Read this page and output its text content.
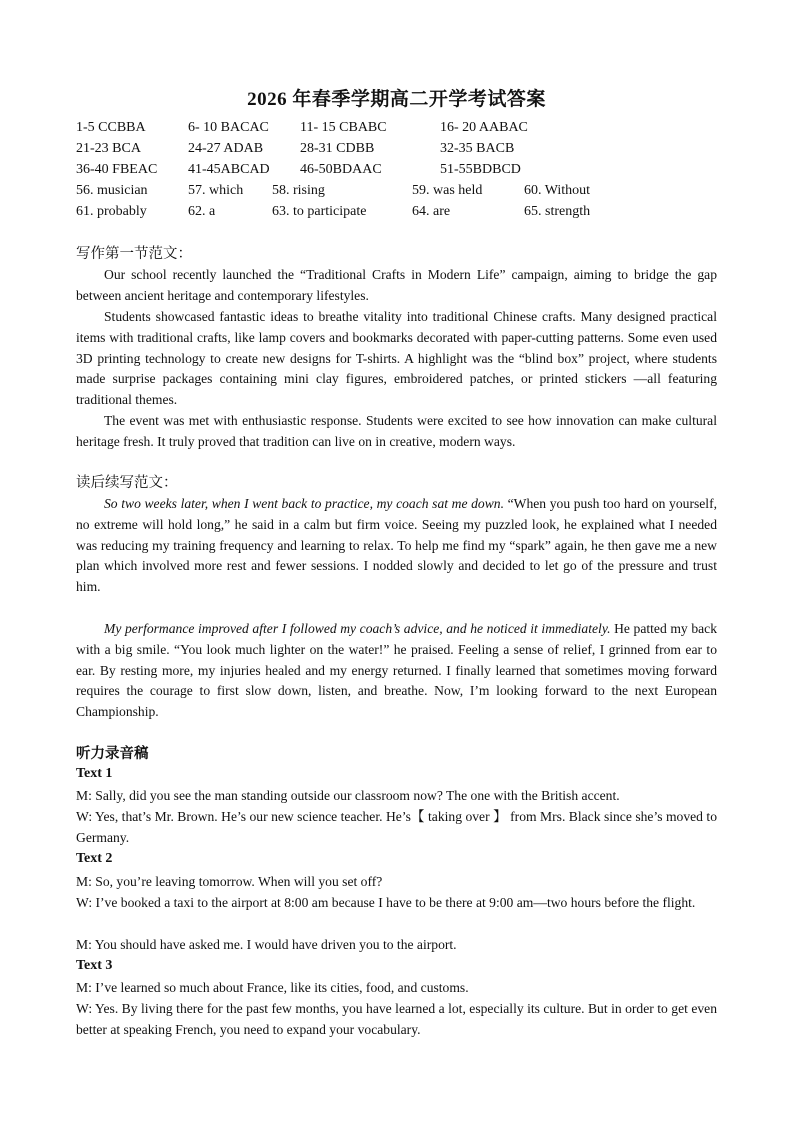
2026 年春季学期高二开学考试答案
1-5 CCBBA	6- 10 BACAC 11- 15 CBABC	16- 20 AABAC
21-23 BCA	24-27 ADAB	28-31 CDBB	32-35 BACB
36-40 FBEAC 41-45ABCAD 46-50BDAAC	51-55BDBCD
56. musician	57. which 58. rising	59. was held	60. Without
61. probably	62. a	63. to participate	64. are	65. strength
写作第一节范文：
Our school recently launched the “Traditional Crafts in Modern Life” campaign, aiming to bridge the gap between ancient heritage and contemporary lifestyles.
Students showcased fantastic ideas to breathe vitality into traditional Chinese crafts. Many designed practical items with traditional crafts, like lamp covers and bookmarks decorated with paper-cutting patterns. Some even used 3D printing technology to create new designs for T-shirts. A highlight was the “blind box” project, where students made surprise packages containing mini clay figures, embroidered patches, or printed stickers —all featuring traditional themes.
The event was met with enthusiastic response. Students were excited to see how innovation can make cultural heritage fresh. It truly proved that tradition can live on in creative, modern ways.
读后续写范文：
So two weeks later, when I went back to practice, my coach sat me down. “When you push too hard on yourself, no extreme will hold long,” he said in a calm but firm voice. Seeing my puzzled look, he explained what I needed was reducing my training frequency and learning to relax. To help me find my “spark” again, he then gave me a new plan which involved more rest and fewer sessions. I nodded slowly and decided to let go of the pressure and trust him.
My performance improved after I followed my coach’s advice, and he noticed it immediately. He patted my back with a big smile. “You look much lighter on the water!” he praised. Feeling a sense of relief, I grinned from ear to ear. By resting more, my injuries healed and my energy returned. I finally learned that sometimes moving forward requires the courage to first slow down, listen, and breathe. Now, I’m looking forward to the next European Championship.
听力录音稿
Text 1
M: Sally, did you see the man standing outside our classroom now? The one with the British accent.
W: Yes, that’s Mr. Brown. He’s our new science teacher. He’s【 taking over 】 from Mrs. Black since she’s moved to Germany.
Text 2
M: So, you’re leaving tomorrow. When will you set off?
W: I’ve booked a taxi to the airport at 8:00 am because I have to be there at 9:00 am—two hours before the flight.
M: You should have asked me. I would have driven you to the airport.
Text 3
M: I’ve learned so much about France, like its cities, food, and customs.
W: Yes. By living there for the past few months, you have learned a lot, especially its culture. But in order to get even better at speaking French, you need to expand your vocabulary.
